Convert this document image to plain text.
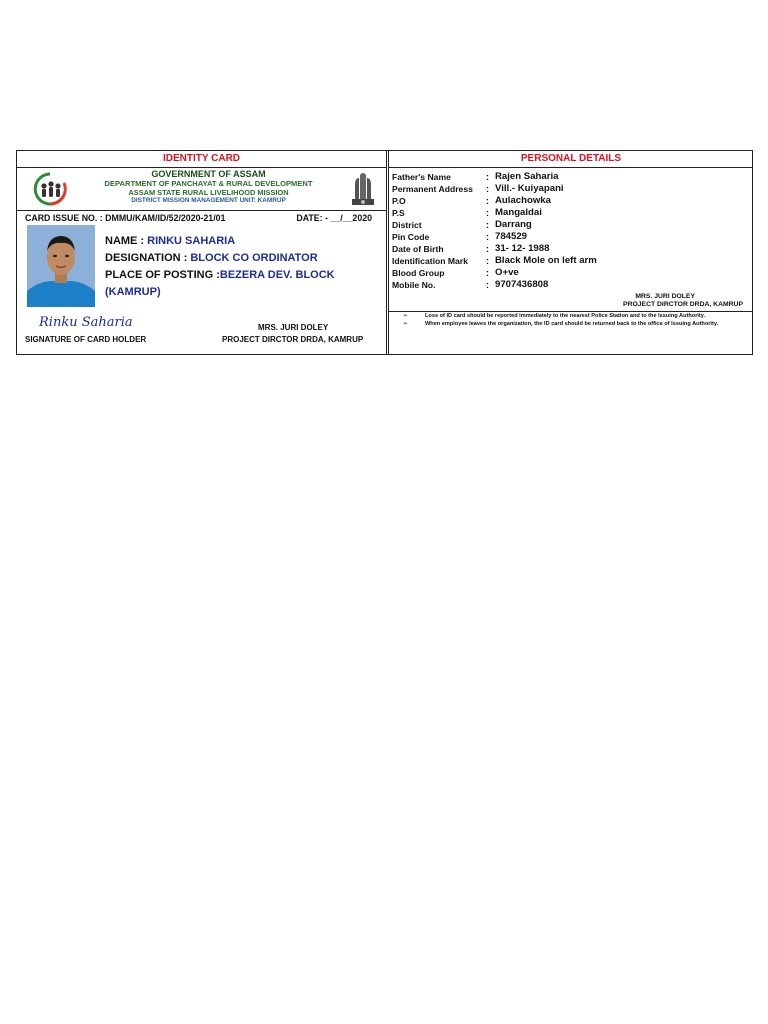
IDENTITY CARD
GOVERNMENT OF ASSAM
DEPARTMENT OF PANCHAYAT & RURAL DEVELOPMENT
ASSAM STATE RURAL LIVELIHOOD MISSION
DISTRICT MISSION MANAGEMENT UNIT: KAMRUP
CARD ISSUE NO. : DMMU/KAM/ID/52/2020-21/01	DATE: - __/__2020
NAME : RINKU SAHARIA
DESIGNATION : BLOCK CO ORDINATOR
PLACE OF POSTING :BEZERA DEV. BLOCK (KAMRUP)
Rinku Saharia
SIGNATURE OF CARD HOLDER
MRS. JURI DOLEY
PROJECT DIRCTOR DRDA, KAMRUP
PERSONAL DETAILS
Father's Name	:	Rajen Saharia
Permanent Address	:	Vill.- Kuiyapani
P.O	:	Aulachowka
P.S	:	Mangaldai
District	:	Darrang
Pin Code	:	784529
Date of Birth	:	31- 12- 1988
Identification Mark	:	Black Mole on left arm
Blood Group	:	O+ve
Mobile No.	:	9707436808
MRS. JURI DOLEY
PROJECT DIRCTOR DRDA, KAMRUP
➢	Loss of ID card should be reported immediately to the nearest Police Station and to the Issuing Authority.
➢	When employee leaves the organization, the ID card should be returned back to the office of Issuing Authority.
